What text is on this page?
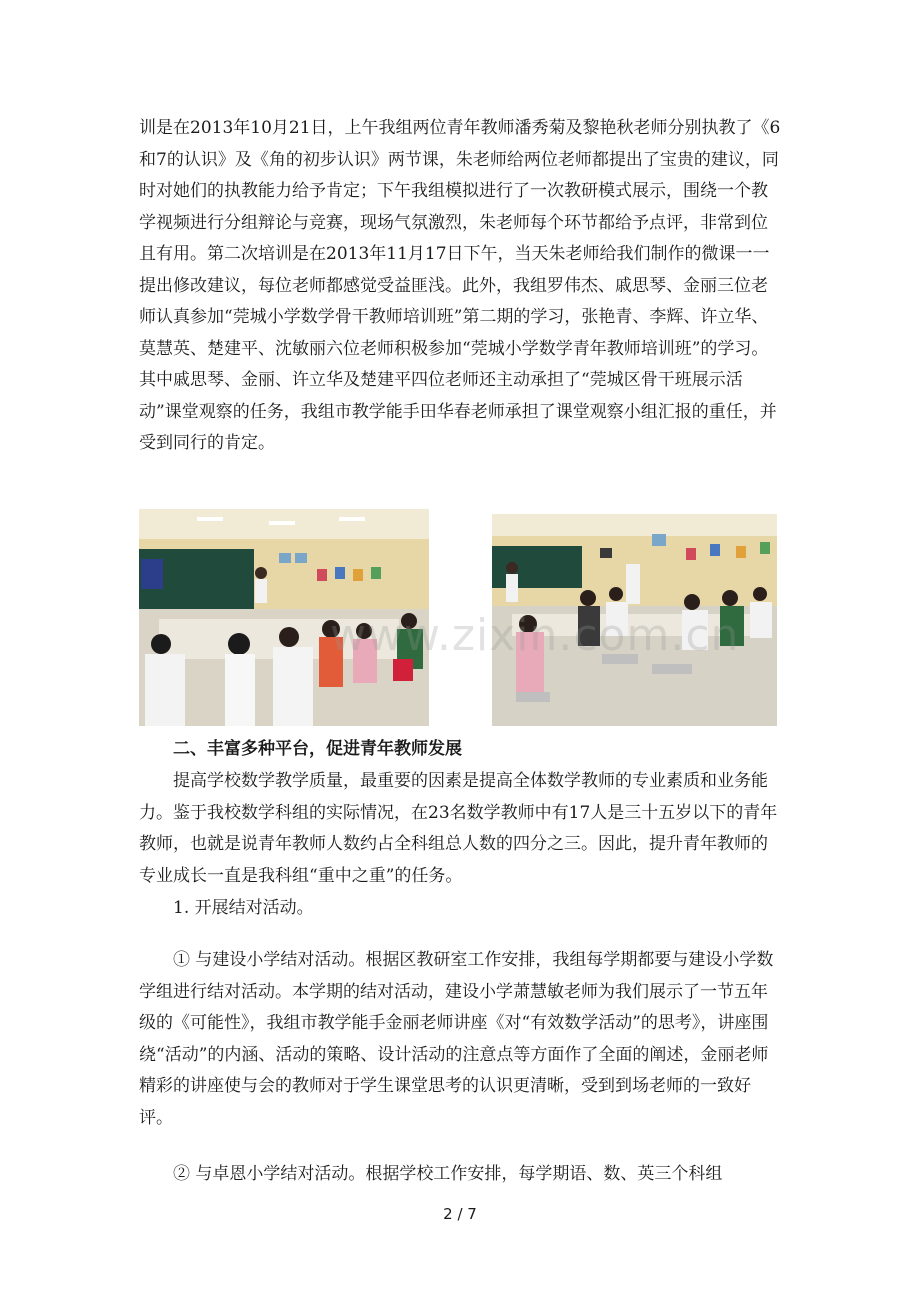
训是在2013年10月21日，上午我组两位青年教师潘秀菊及黎艳秋老师分别执教了《6和7的认识》及《角的初步认识》两节课，朱老师给两位老师都提出了宝贵的建议，同时对她们的执教能力给予肯定；下午我组模拟进行了一次教研模式展示，围绕一个教学视频进行分组辩论与竞赛，现场气氛激烈，朱老师每个环节都给予点评，非常到位且有用。第二次培训是在2013年11月17日下午，当天朱老师给我们制作的微课一一提出修改建议，每位老师都感觉受益匪浅。此外，我组罗伟杰、戚思琴、金丽三位老师认真参加“莞城小学数学骨干教师培训班”第二期的学习，张艳青、李辉、许立华、莫慧英、楚建平、沈敏丽六位老师积极参加“莞城小学数学青年教师培训班”的学习。其中戚思琴、金丽、许立华及楚建平四位老师还主动承担了“莞城区骨干班展示活动”课堂观察的任务，我组市教学能手田华春老师承担了课堂观察小组汇报的重任，并受到同行的肯定。

www.zixin.com.cn

二、丰富多种平台，促进青年教师发展

提高学校数学教学质量，最重要的因素是提高全体数学教师的专业素质和业务能力。鉴于我校数学科组的实际情况，在23名数学教师中有17人是三十五岁以下的青年教师，也就是说青年教师人数约占全科组总人数的四分之三。因此，提升青年教师的专业成长一直是我科组“重中之重”的任务。

1. 开展结对活动。

① 与建设小学结对活动。根据区教研室工作安排，我组每学期都要与建设小学数学组进行结对活动。本学期的结对活动，建设小学萧慧敏老师为我们展示了一节五年级的《可能性》，我组市教学能手金丽老师讲座《对“有效数学活动”的思考》，讲座围绕“活动”的内涵、活动的策略、设计活动的注意点等方面作了全面的阐述，金丽老师精彩的讲座使与会的教师对于学生课堂思考的认识更清晰，受到到场老师的一致好评。

② 与卓恩小学结对活动。根据学校工作安排，每学期语、数、英三个科组

2 / 7
